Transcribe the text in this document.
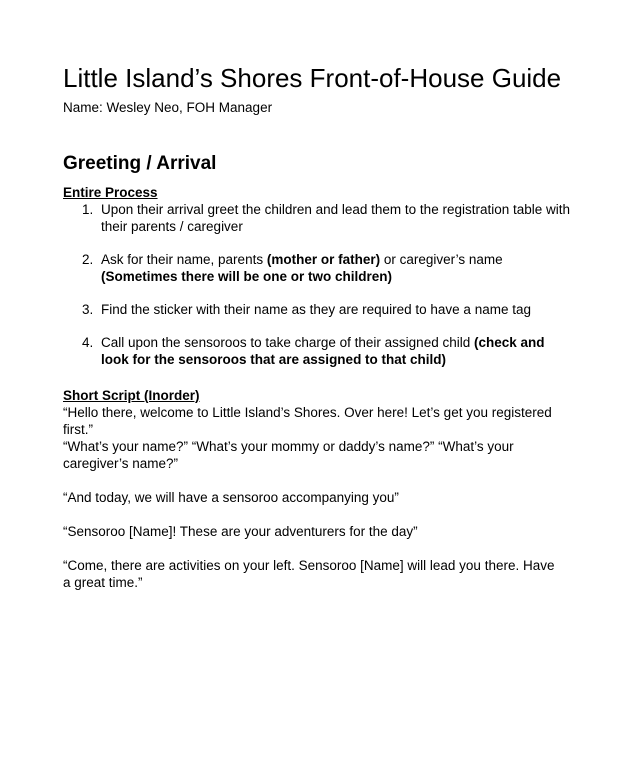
Little Island’s Shores Front-of-House Guide
Name: Wesley Neo, FOH Manager
Greeting / Arrival
Entire Process
1. Upon their arrival greet the children and lead them to the registration table with their parents / caregiver
2. Ask for their name, parents (mother or father) or caregiver’s name (Sometimes there will be one or two children)
3. Find the sticker with their name as they are required to have a name tag
4. Call upon the sensoroos to take charge of their assigned child (check and look for the sensoroos that are assigned to that child)
Short Script (Inorder)

“Hello there, welcome to Little Island’s Shores. Over here! Let’s get you registered first.”

“What’s your name?” “What’s your mommy or daddy’s name?” “What’s your caregiver’s name?”

“And today, we will have a sensoroo accompanying you”

“Sensoroo [Name]! These are your adventurers for the day”

“Come, there are activities on your left. Sensoroo [Name] will lead you there. Have a great time.”
